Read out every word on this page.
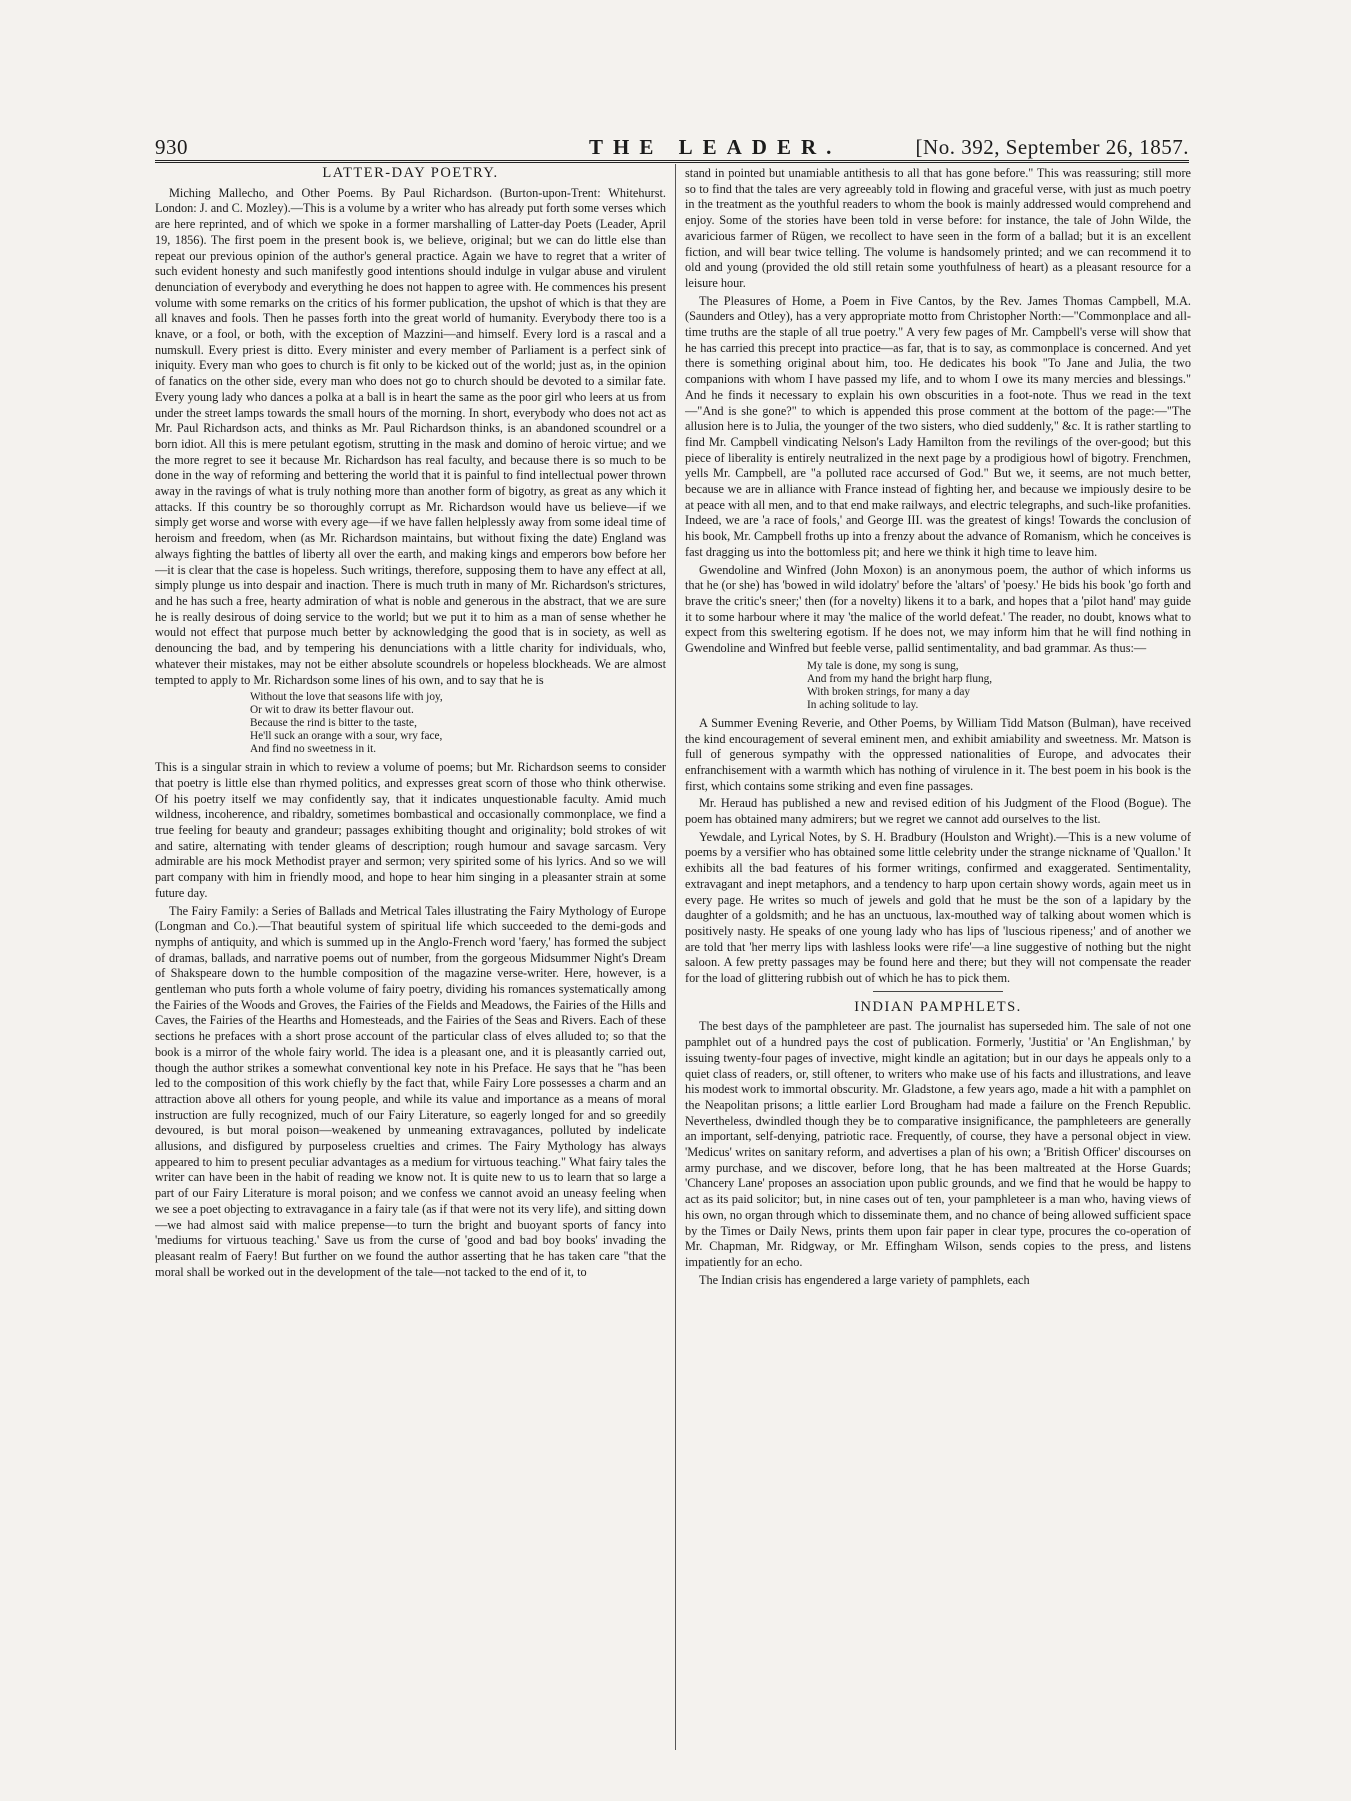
930	THE LEADER.	[No. 392, September 26, 1857.
LATTER-DAY POETRY.

Miching Mallecho, and Other Poems. By Paul Richardson. (Burton-upon-Trent: Whitehurst. London: J. and C. Mozley).—This is a volume by a writer who has already put forth some verses which are here reprinted, and of which we spoke in a former marshalling of Latter-day Poets (Leader, April 19, 1856). The first poem in the present book is, we believe, original; but we can do little else than repeat our previous opinion of the author's general practice. Again we have to regret that a writer of such evident honesty and such manifestly good intentions should indulge in vulgar abuse and virulent denunciation of everybody and everything he does not happen to agree with. He commences his present volume with some remarks on the critics of his former publication, the upshot of which is that they are all knaves and fools. Then he passes forth into the great world of humanity. Everybody there too is a knave, or a fool, or both, with the exception of Mazzini—and himself. Every lord is a rascal and a numskull. Every priest is ditto. Every minister and every member of Parliament is a perfect sink of iniquity. Every man who goes to church is fit only to be kicked out of the world; just as, in the opinion of fanatics on the other side, every man who does not go to church should be devoted to a similar fate. Every young lady who dances a polka at a ball is in heart the same as the poor girl who leers at us from under the street lamps towards the small hours of the morning. In short, everybody who does not act as Mr. Paul Richardson acts, and thinks as Mr. Paul Richardson thinks, is an abandoned scoundrel or a born idiot. All this is mere petulant egotism, strutting in the mask and domino of heroic virtue; and we the more regret to see it because Mr. Richardson has real faculty, and because there is so much to be done in the way of reforming and bettering the world that it is painful to find intellectual power thrown away in the ravings of what is truly nothing more than another form of bigotry, as great as any which it attacks. If this country be so thoroughly corrupt as Mr. Richardson would have us believe—if we simply get worse and worse with every age—if we have fallen helplessly away from some ideal time of heroism and freedom, when (as Mr. Richardson maintains, but without fixing the date) England was always fighting the battles of liberty all over the earth, and making kings and emperors bow before her—it is clear that the case is hopeless. Such writings, therefore, supposing them to have any effect at all, simply plunge us into despair and inaction. There is much truth in many of Mr. Richardson's strictures, and he has such a free, hearty admiration of what is noble and generous in the abstract, that we are sure he is really desirous of doing service to the world; but we put it to him as a man of sense whether he would not effect that purpose much better by acknowledging the good that is in society, as well as denouncing the bad, and by tempering his denunciations with a little charity for individuals, who, whatever their mistakes, may not be either absolute scoundrels or hopeless blockheads. We are almost tempted to apply to Mr. Richardson some lines of his own, and to say that he is

Without the love that seasons life with joy,
Or wit to draw its better flavour out.
Because the rind is bitter to the taste,
He'll suck an orange with a sour, wry face,
And find no sweetness in it.

This is a singular strain in which to review a volume of poems; but Mr. Richardson seems to consider that poetry is little else than rhymed politics, and expresses great scorn of those who think otherwise. Of his poetry itself we may confidently say, that it indicates unquestionable faculty. Amid much wildness, incoherence, and ribaldry, sometimes bombastical and occasionally commonplace, we find a true feeling for beauty and grandeur; passages exhibiting thought and originality; bold strokes of wit and satire, alternating with tender gleams of description; rough humour and savage sarcasm. Very admirable are his mock Methodist prayer and sermon; very spirited some of his lyrics. And so we will part company with him in friendly mood, and hope to hear him singing in a pleasanter strain at some future day.

The Fairy Family: a Series of Ballads and Metrical Tales illustrating the Fairy Mythology of Europe (Longman and Co.).—That beautiful system of spiritual life which succeeded to the demi-gods and nymphs of antiquity, and which is summed up in the Anglo-French word 'faery,' has formed the subject of dramas, ballads, and narrative poems out of number, from the gorgeous Midsummer Night's Dream of Shakspeare down to the humble composition of the magazine verse-writer. Here, however, is a gentleman who puts forth a whole volume of fairy poetry, dividing his romances systematically among the Fairies of the Woods and Groves, the Fairies of the Fields and Meadows, the Fairies of the Hills and Caves, the Fairies of the Hearths and Homesteads, and the Fairies of the Seas and Rivers. Each of these sections he prefaces with a short prose account of the particular class of elves alluded to; so that the book is a mirror of the whole fairy world. The idea is a pleasant one, and it is pleasantly carried out, though the author strikes a somewhat conventional key note in his Preface. He says that he "has been led to the composition of this work chiefly by the fact that, while Fairy Lore possesses a charm and an attraction above all others for young people, and while its value and importance as a means of moral instruction are fully recognized, much of our Fairy Literature, so eagerly longed for and so greedily devoured, is but moral poison—weakened by unmeaning extravagances, polluted by indelicate allusions, and disfigured by purposeless cruelties and crimes. The Fairy Mythology has always appeared to him to present peculiar advantages as a medium for virtuous teaching." What fairy tales the writer can have been in the habit of reading we know not. It is quite new to us to learn that so large a part of our Fairy Literature is moral poison; and we confess we cannot avoid an uneasy feeling when we see a poet objecting to extravagance in a fairy tale (as if that were not its very life), and sitting down—we had almost said with malice prepense—to turn the bright and buoyant sports of fancy into 'mediums for virtuous teaching.' Save us from the curse of 'good and bad boy books' invading the pleasant realm of Faery! But further on we found the author asserting that he has taken care "that the moral shall be worked out in the development of the tale—not tacked to the end of it, to

stand in pointed but unamiable antithesis to all that has gone before." This was reassuring; still more so to find that the tales are very agreeably told in flowing and graceful verse, with just as much poetry in the treatment as the youthful readers to whom the book is mainly addressed would comprehend and enjoy. Some of the stories have been told in verse before: for instance, the tale of John Wilde, the avaricious farmer of Rügen, we recollect to have seen in the form of a ballad; but it is an excellent fiction, and will bear twice telling. The volume is handsomely printed; and we can recommend it to old and young (provided the old still retain some youthfulness of heart) as a pleasant resource for a leisure hour.

The Pleasures of Home, a Poem in Five Cantos, by the Rev. James Thomas Campbell, M.A. (Saunders and Otley), has a very appropriate motto from Christopher North:—"Commonplace and all-time truths are the staple of all true poetry." A very few pages of Mr. Campbell's verse will show that he has carried this precept into practice—as far, that is to say, as commonplace is concerned. And yet there is something original about him, too. He dedicates his book "To Jane and Julia, the two companions with whom I have passed my life, and to whom I owe its many mercies and blessings." And he finds it necessary to explain his own obscurities in a foot-note. Thus we read in the text—"And is she gone?" to which is appended this prose comment at the bottom of the page:—"The allusion here is to Julia, the younger of the two sisters, who died suddenly," &c. It is rather startling to find Mr. Campbell vindicating Nelson's Lady Hamilton from the revilings of the over-good; but this piece of liberality is entirely neutralized in the next page by a prodigious howl of bigotry. Frenchmen, yells Mr. Campbell, are "a polluted race accursed of God." But we, it seems, are not much better, because we are in alliance with France instead of fighting her, and because we impiously desire to be at peace with all men, and to that end make railways, and electric telegraphs, and such-like profanities. Indeed, we are 'a race of fools,' and George III. was the greatest of kings! Towards the conclusion of his book, Mr. Campbell froths up into a frenzy about the advance of Romanism, which he conceives is fast dragging us into the bottomless pit; and here we think it high time to leave him.

Gwendoline and Winfred (John Moxon) is an anonymous poem, the author of which informs us that he (or she) has 'bowed in wild idolatry' before the 'altars' of 'poesy.' He bids his book 'go forth and brave the critic's sneer;' then (for a novelty) likens it to a bark, and hopes that a 'pilot hand' may guide it to some harbour where it may 'the malice of the world defeat.' The reader, no doubt, knows what to expect from this sweltering egotism. If he does not, we may inform him that he will find nothing in Gwendoline and Winfred but feeble verse, pallid sentimentality, and bad grammar. As thus:—

My tale is done, my song is sung,
And from my hand the bright harp flung,
With broken strings, for many a day
In aching solitude to lay.

A Summer Evening Reverie, and Other Poems, by William Tidd Matson (Bulman), have received the kind encouragement of several eminent men, and exhibit amiability and sweetness. Mr. Matson is full of generous sympathy with the oppressed nationalities of Europe, and advocates their enfranchisement with a warmth which has nothing of virulence in it. The best poem in his book is the first, which contains some striking and even fine passages.

Mr. Heraud has published a new and revised edition of his Judgment of the Flood (Bogue). The poem has obtained many admirers; but we regret we cannot add ourselves to the list.

Yewdale, and Lyrical Notes, by S. H. Bradbury (Houlston and Wright).—This is a new volume of poems by a versifier who has obtained some little celebrity under the strange nickname of 'Quallon.' It exhibits all the bad features of his former writings, confirmed and exaggerated. Sentimentality, extravagant and inept metaphors, and a tendency to harp upon certain showy words, again meet us in every page. He writes so much of jewels and gold that he must be the son of a lapidary by the daughter of a goldsmith; and he has an unctuous, lax-mouthed way of talking about women which is positively nasty. He speaks of one young lady who has lips of 'luscious ripeness;' and of another we are told that 'her merry lips with lashless looks were rife'—a line suggestive of nothing but the night saloon. A few pretty passages may be found here and there; but they will not compensate the reader for the load of glittering rubbish out of which he has to pick them.

INDIAN PAMPHLETS.

The best days of the pamphleteer are past. The journalist has superseded him. The sale of not one pamphlet out of a hundred pays the cost of publication. Formerly, 'Justitia' or 'An Englishman,' by issuing twenty-four pages of invective, might kindle an agitation; but in our days he appeals only to a quiet class of readers, or, still oftener, to writers who make use of his facts and illustrations, and leave his modest work to immortal obscurity. Mr. Gladstone, a few years ago, made a hit with a pamphlet on the Neapolitan prisons; a little earlier Lord Brougham had made a failure on the French Republic. Nevertheless, dwindled though they be to comparative insignificance, the pamphleteers are generally an important, self-denying, patriotic race. Frequently, of course, they have a personal object in view. 'Medicus' writes on sanitary reform, and advertises a plan of his own; a 'British Officer' discourses on army purchase, and we discover, before long, that he has been maltreated at the Horse Guards; 'Chancery Lane' proposes an association upon public grounds, and we find that he would be happy to act as its paid solicitor; but, in nine cases out of ten, your pamphleteer is a man who, having views of his own, no organ through which to disseminate them, and no chance of being allowed sufficient space by the Times or Daily News, prints them upon fair paper in clear type, procures the co-operation of Mr. Chapman, Mr. Ridgway, or Mr. Effingham Wilson, sends copies to the press, and listens impatiently for an echo.

The Indian crisis has engendered a large variety of pamphlets, each
